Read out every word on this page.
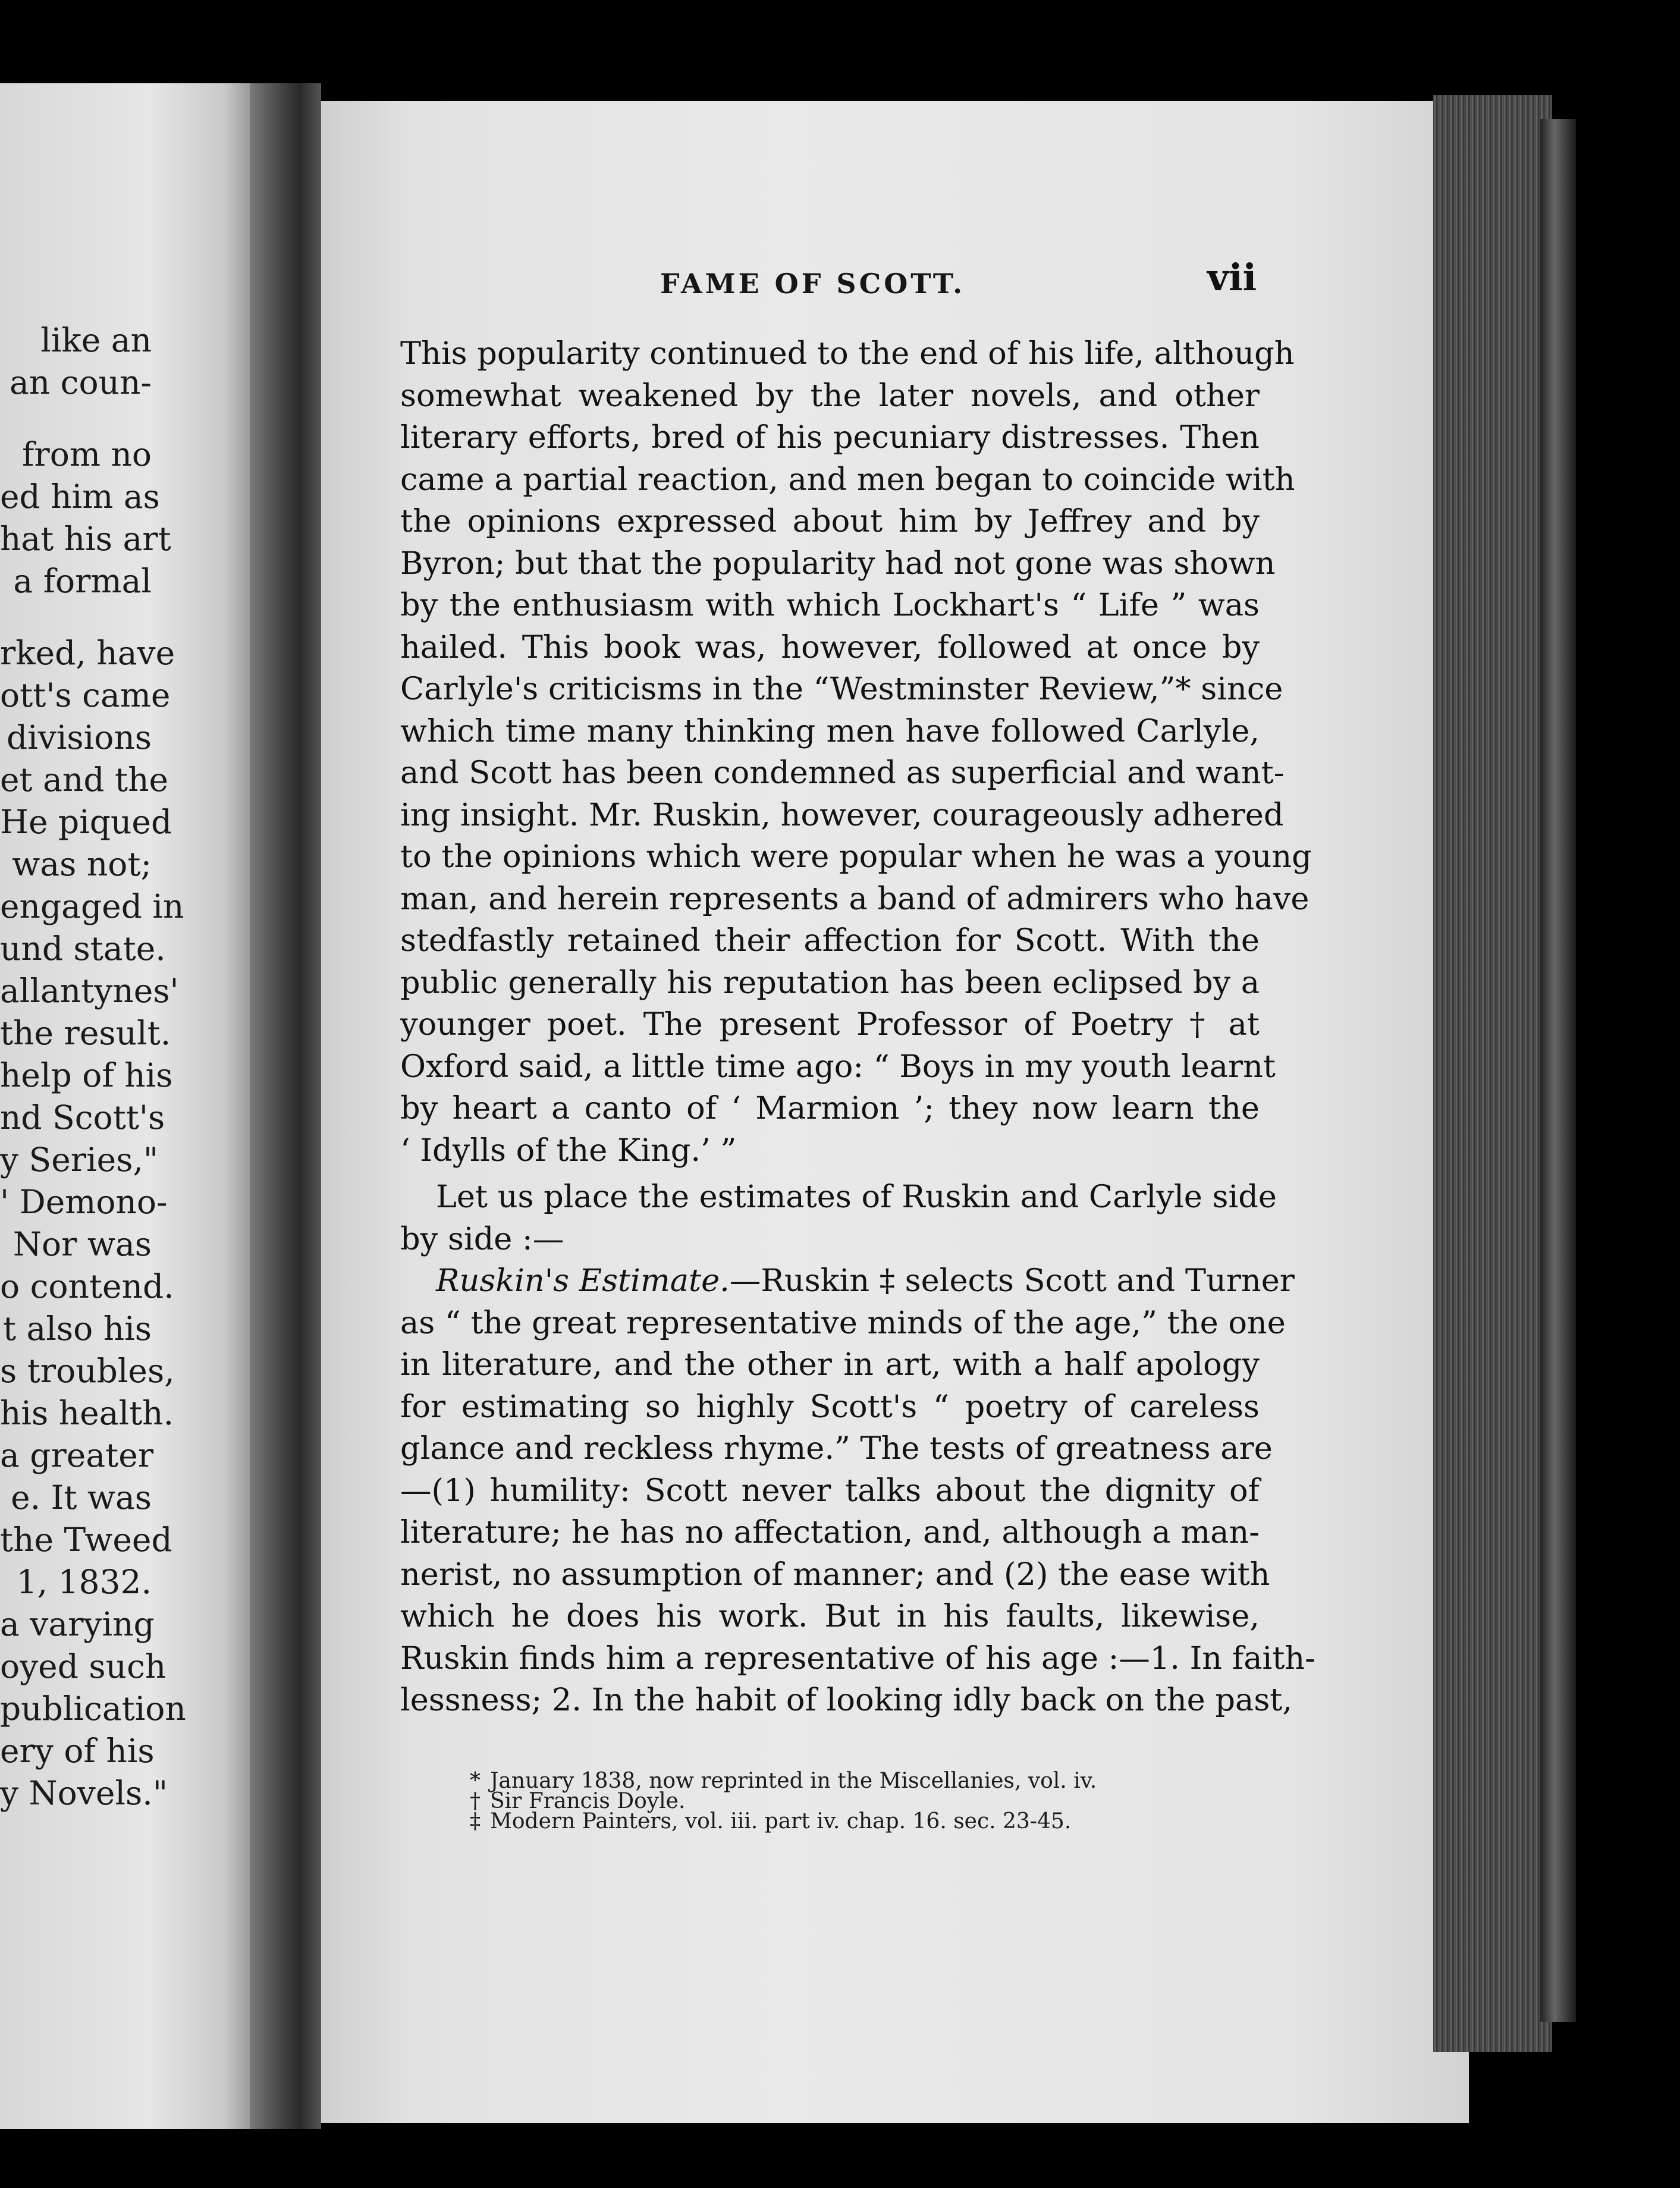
like an
an coun-
from no
ed him as
hat his art
a formal
rked, have
ott's came
divisions
et and the
He piqued
was not;
engaged in
und state.
allantynes'
the result.
help of his
nd Scott's
y Series,"
' Demono-
Nor was
o contend.
t also his
s troubles,
his health.
a greater
e. It was
the Tweed
1, 1832.
a varying
oyed such
publication
ery of his
y Novels."
FAME OF SCOTT.	vii
This popularity continued to the end of his life, although
somewhat weakened by the later novels, and other
literary efforts, bred of his pecuniary distresses. Then
came a partial reaction, and men began to coincide with
the opinions expressed about him by Jeffrey and by
Byron; but that the popularity had not gone was shown
by the enthusiasm with which Lockhart's “ Life ” was
hailed. This book was, however, followed at once by
Carlyle's criticisms in the “Westminster Review,”* since
which time many thinking men have followed Carlyle,
and Scott has been condemned as superficial and want-
ing insight. Mr. Ruskin, however, courageously adhered
to the opinions which were popular when he was a young
man, and herein represents a band of admirers who have
stedfastly retained their affection for Scott. With the
public generally his reputation has been eclipsed by a
younger poet. The present Professor of Poetry † at
Oxford said, a little time ago: “ Boys in my youth learnt
by heart a canto of ‘ Marmion ’; they now learn the
‘ Idylls of the King.’ ”
Let us place the estimates of Ruskin and Carlyle side
by side :—
Ruskin's Estimate.—Ruskin ‡ selects Scott and Turner
as “ the great representative minds of the age,” the one
in literature, and the other in art, with a half apology
for estimating so highly Scott's “ poetry of careless
glance and reckless rhyme.” The tests of greatness are
—(1) humility: Scott never talks about the dignity of
literature; he has no affectation, and, although a man-
nerist, no assumption of manner; and (2) the ease with
which he does his work. But in his faults, likewise,
Ruskin finds him a representative of his age :—1. In faith-
lessness; 2. In the habit of looking idly back on the past,
* January 1838, now reprinted in the Miscellanies, vol. iv.
† Sir Francis Doyle.
‡ Modern Painters, vol. iii. part iv. chap. 16. sec. 23-45.
